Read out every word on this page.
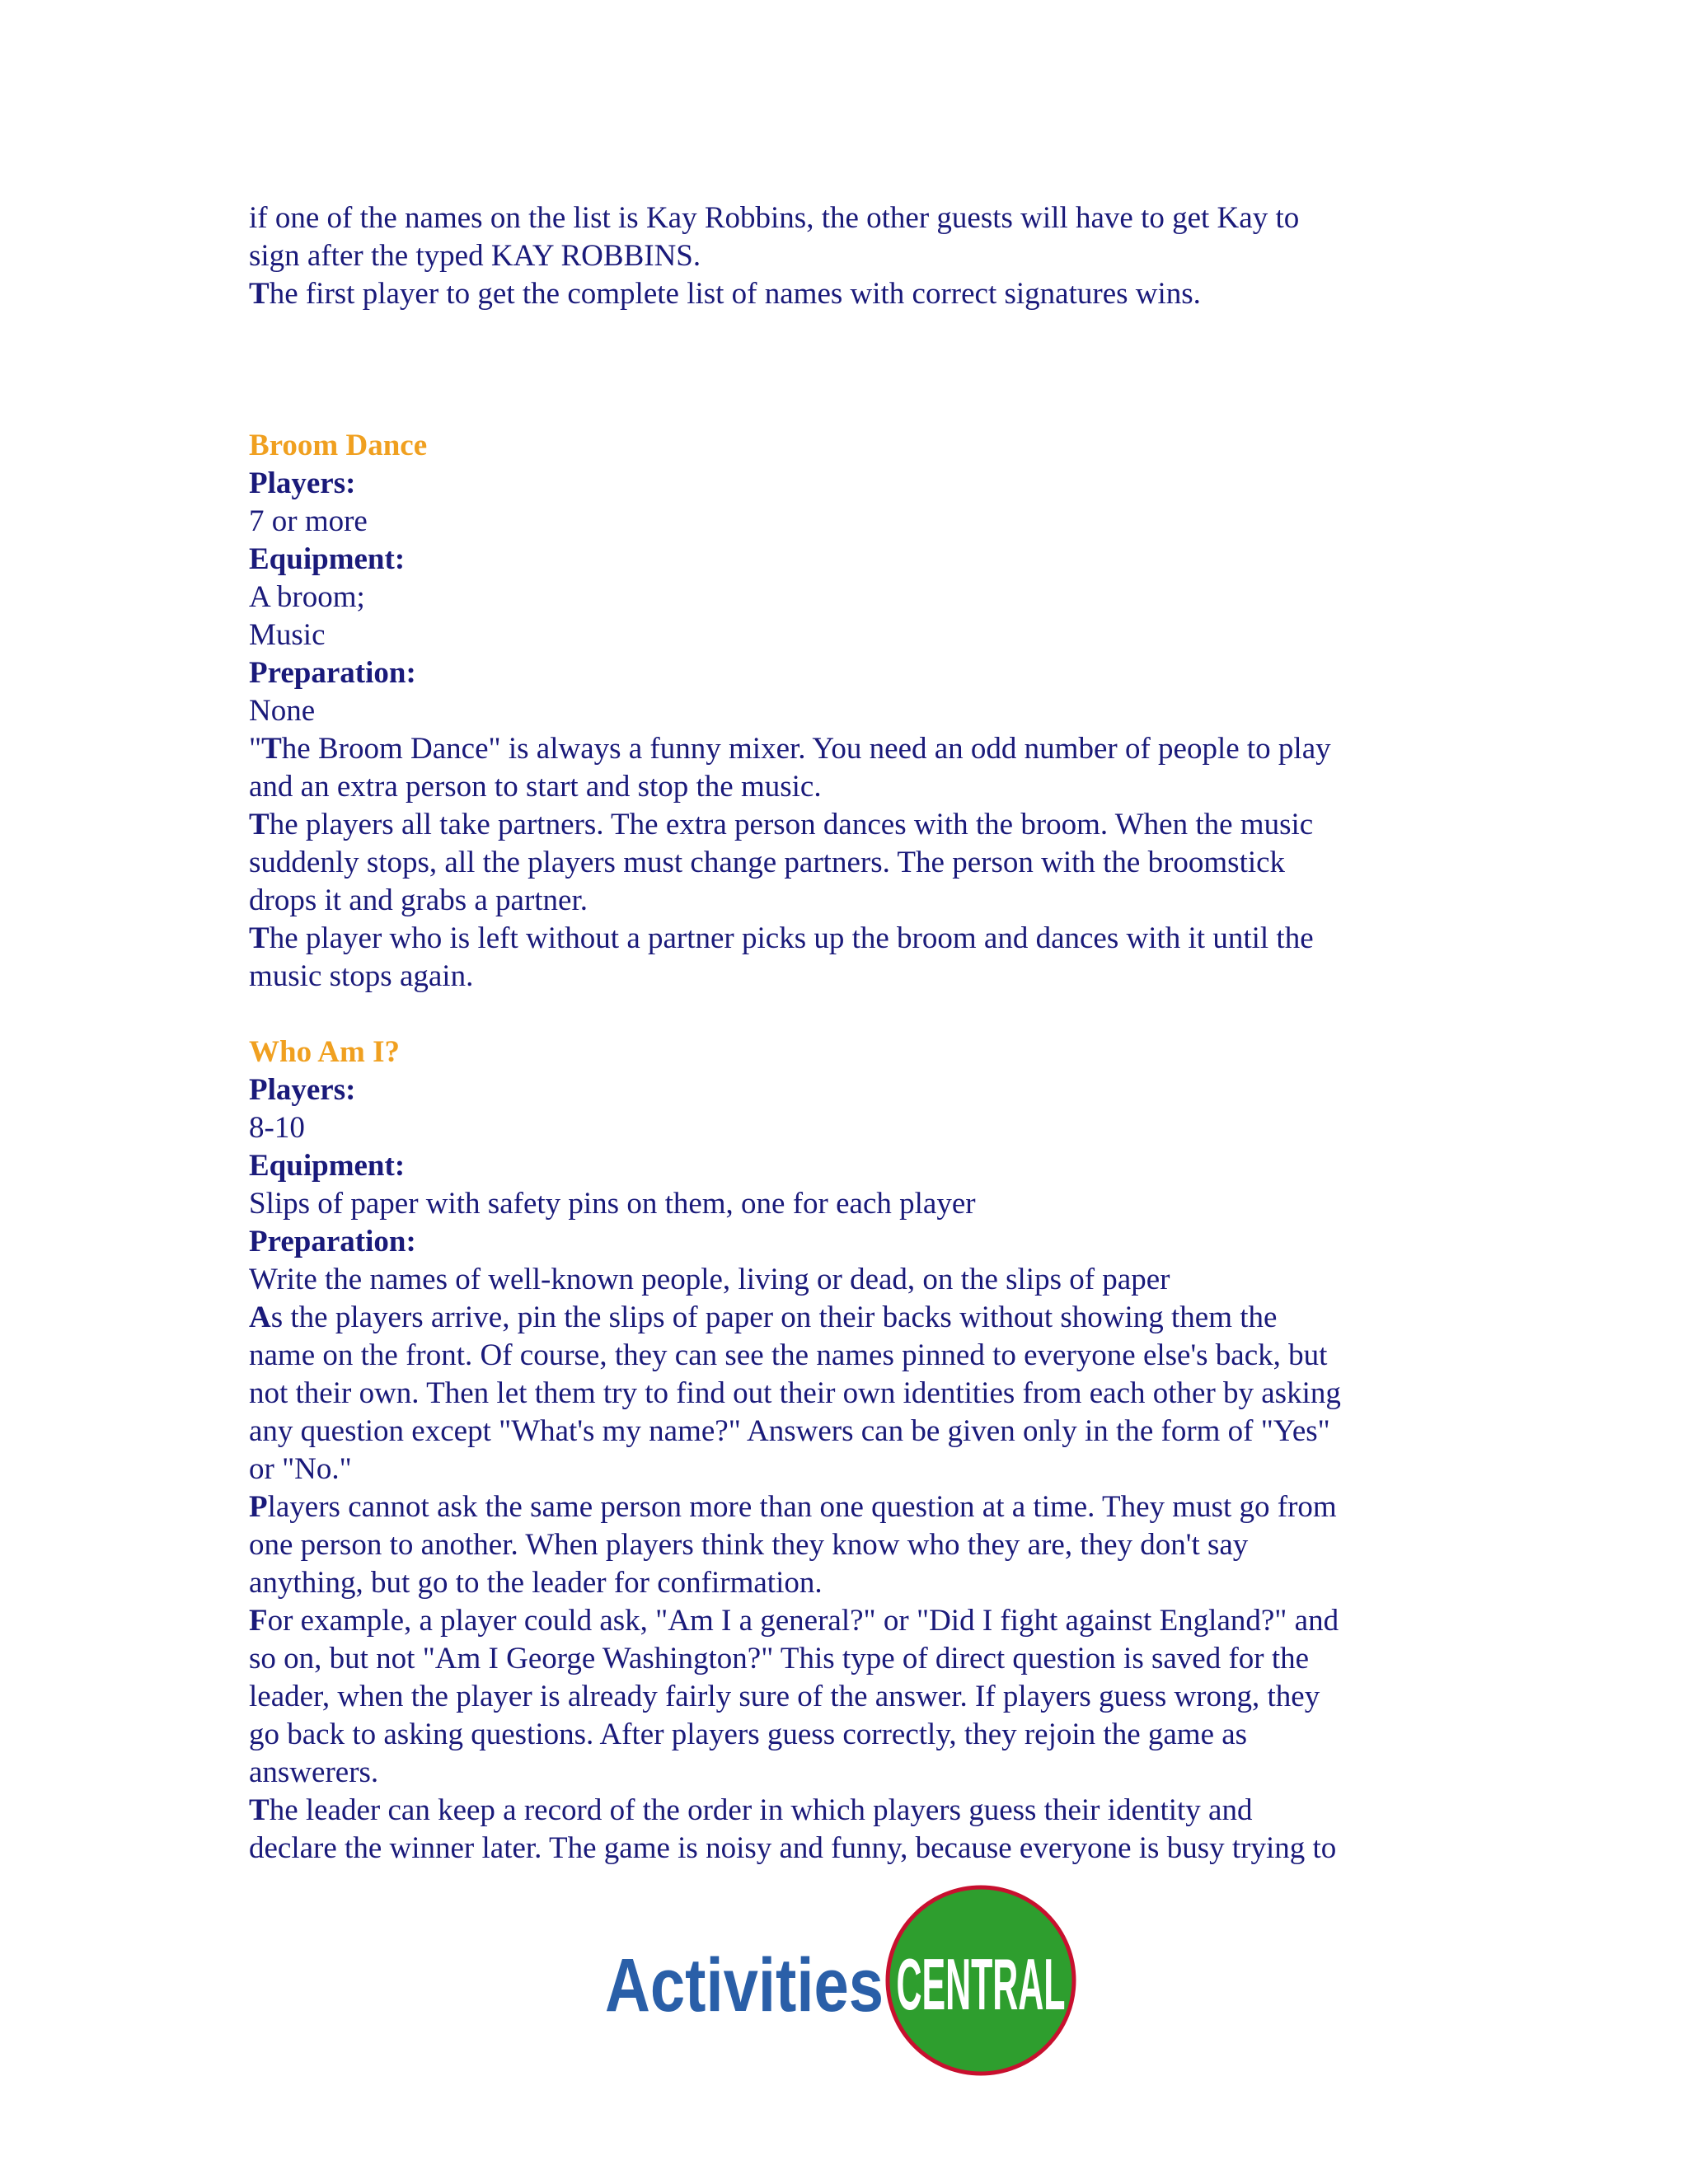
if one of the names on the list is Kay Robbins, the other guests will have to get Kay to
sign after the typed KAY ROBBINS.
The first player to get the complete list of names with correct signatures wins.
Broom Dance
Players:
7 or more
Equipment:
A broom;
Music
Preparation:
None
"The Broom Dance" is always a funny mixer. You need an odd number of people to play
and an extra person to start and stop the music.
The players all take partners. The extra person dances with the broom. When the music
suddenly stops, all the players must change partners. The person with the broomstick
drops it and grabs a partner.
The player who is left without a partner picks up the broom and dances with it until the
music stops again.
Who Am I?
Players:
8-10
Equipment:
Slips of paper with safety pins on them, one for each player
Preparation:
Write the names of well-known people, living or dead, on the slips of paper
As the players arrive, pin the slips of paper on their backs without showing them the
name on the front. Of course, they can see the names pinned to everyone else's back, but
not their own. Then let them try to find out their own identities from each other by asking
any question except "What's my name?" Answers can be given only in the form of "Yes"
or "No."
Players cannot ask the same person more than one question at a time. They must go from
one person to another. When players think they know who they are, they don't say
anything, but go to the leader for confirmation.
For example, a player could ask, "Am I a general?" or "Did I fight against England?" and
so on, but not "Am I George Washington?" This type of direct question is saved for the
leader, when the player is already fairly sure of the answer. If players guess wrong, they
go back to asking questions. After players guess correctly, they rejoin the game as
answerers.
The leader can keep a record of the order in which players guess their identity and
declare the winner later. The game is noisy and funny, because everyone is busy trying to
Activities CENTRAL
